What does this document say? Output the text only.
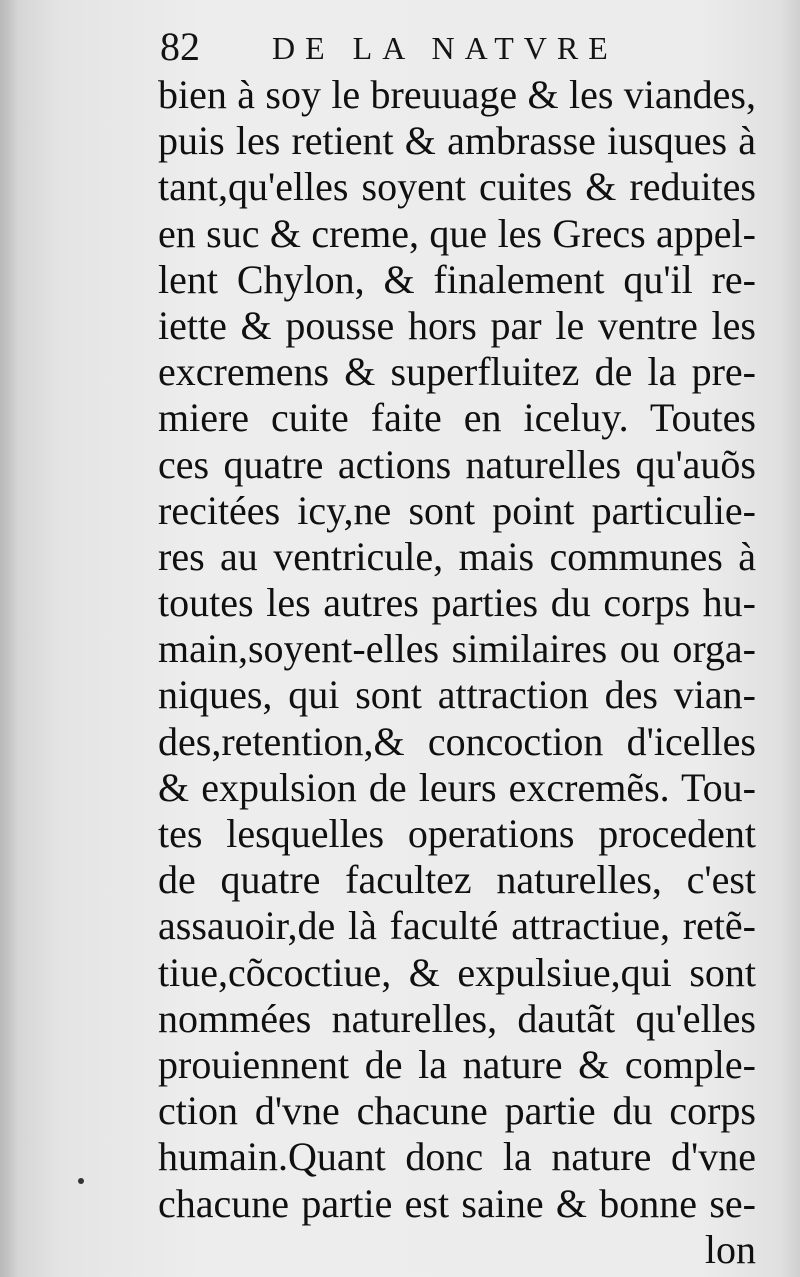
82 DE LA NATVRE
bien à soy le breuuage & les viandes,
puis les retient & ambrasse iusques à
tant,qu'elles soyent cuites & reduites
en suc & creme, que les Grecs appel-
lent Chylon, & finalement qu'il re-
iette & pousse hors par le ventre les
excremens & superfluitez de la pre-
miere cuite faite en iceluy. Toutes
ces quatre actions naturelles qu'auõs
recitées icy,ne sont point particulie-
res au ventricule, mais communes à
toutes les autres parties du corps hu-
main,soyent-elles similaires ou orga-
niques, qui sont attraction des vian-
des,retention,& concoction d'icelles
& expulsion de leurs excremẽs. Tou-
tes lesquelles operations procedent
de quatre facultez naturelles, c'est
assauoir,de là faculté attractiue, retẽ-
tiue,cõcoctiue, & expulsiue,qui sont
nommées naturelles, dautãt qu'elles
prouiennent de la nature & comple-
ction d'vne chacune partie du corps
humain.Quant donc la nature d'vne
chacune partie est saine & bonne se-
lon
